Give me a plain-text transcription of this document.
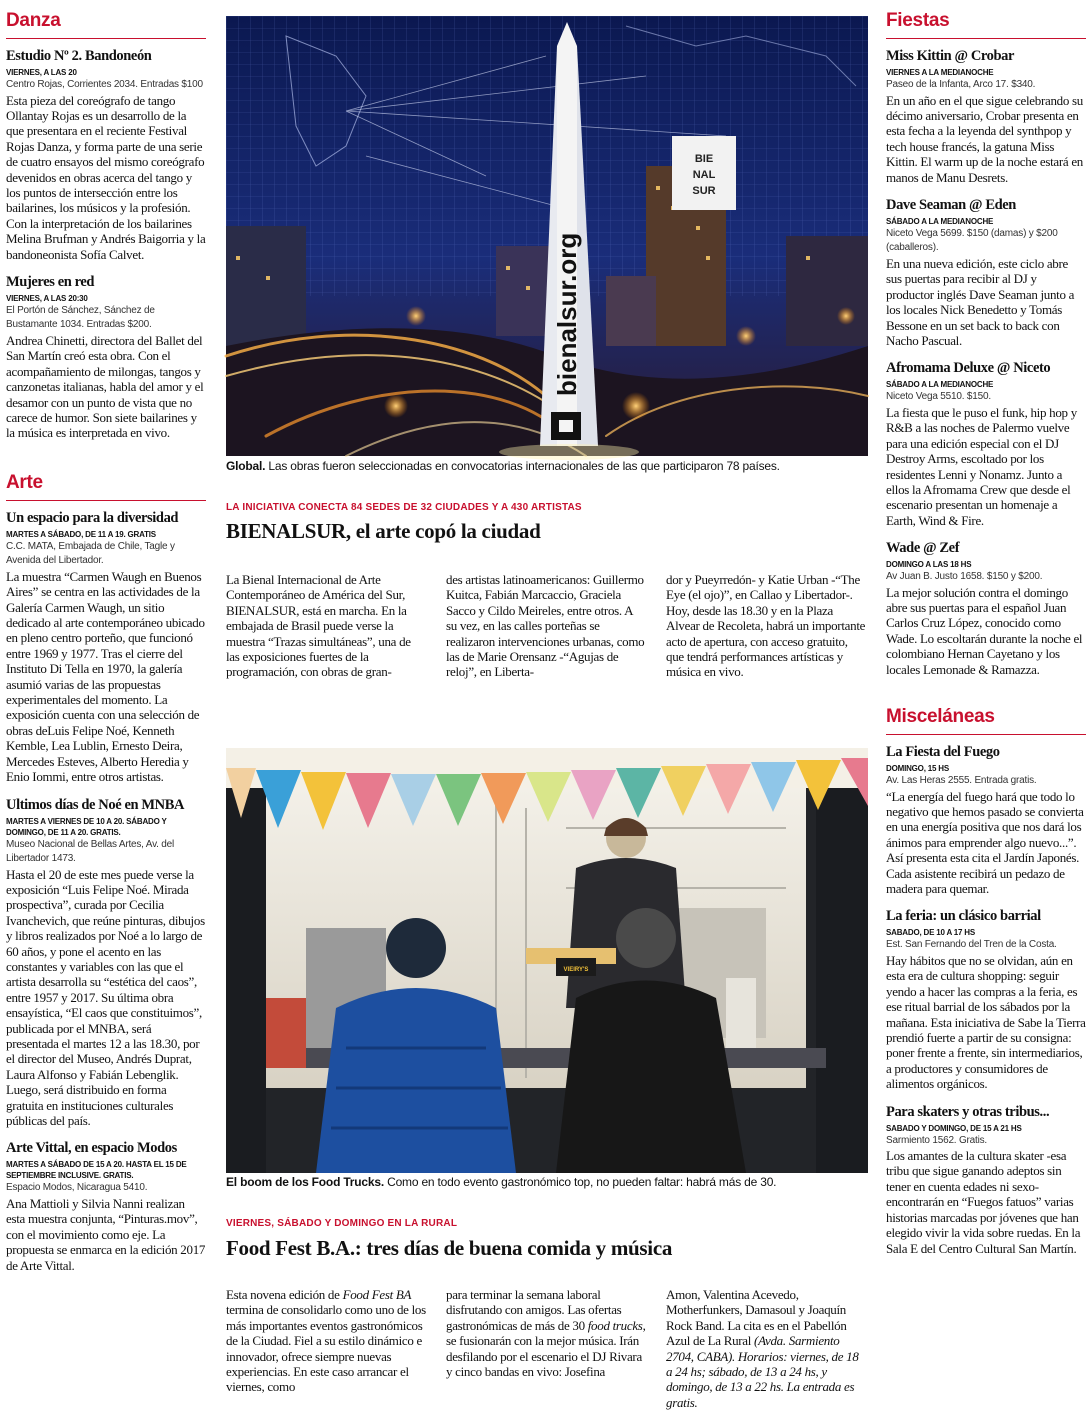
Danza
Estudio Nº 2. Bandoneón
VIERNES, A LAS 20
Centro Rojas, Corrientes 2034. Entradas $100
Esta pieza del coreógrafo de tango Ollantay Rojas es un desarrollo de la que presentara en el reciente Festival Rojas Danza, y forma parte de una serie de cuatro ensayos del mismo coreógrafo devenidos en obras acerca del tango y los puntos de intersección entre los bailarines, los músicos y la profesión. Con la interpretación de los bailarines Melina Brufman y Andrés Baigorria y la bandoneonista Sofía Calvet.
Mujeres en red
VIERNES, A LAS 20:30
El Portón de Sánchez, Sánchez de Bustamante 1034. Entradas $200.
Andrea Chinetti, directora del Ballet del San Martín creó esta obra. Con el acompañamiento de milongas, tangos y canzonetas italianas, habla del amor y el desamor con un punto de vista que no carece de humor. Son siete bailarines y la música es interpretada en vivo.
Arte
Un espacio para la diversidad
MARTES A SÁBADO, DE 11 A 19. GRATIS
C.C. MATA, Embajada de Chile, Tagle y Avenida del Libertador.
La muestra “Carmen Waugh en Buenos Aires” se centra en las actividades de la Galería Carmen Waugh, un sitio dedicado al arte contemporáneo ubicado en pleno centro porteño, que funcionó entre 1969 y 1977. Tras el cierre del Instituto Di Tella en 1970, la galería asumió varias de las propuestas experimentales del momento. La exposición cuenta con una selección de obras deLuis Felipe Noé, Kenneth Kemble, Lea Lublin, Ernesto Deira, Mercedes Esteves, Alberto Heredia y Enio Iommi, entre otros artistas.
Ultimos días de Noé en MNBA
MARTES A VIERNES DE 10 A 20. SÁBADO Y DOMINGO, DE 11 A 20. GRATIS.
Museo Nacional de Bellas Artes, Av. del Libertador 1473.
Hasta el 20 de este mes puede verse la exposición “Luis Felipe Noé. Mirada prospectiva”, curada por Cecilia Ivanchevich, que reúne pinturas, dibujos y libros realizados por Noé a lo largo de 60 años, y pone el acento en las constantes y variables con las que el artista desarrolla su “estética del caos”, entre 1957 y 2017. Su última obra ensayística, “El caos que constituimos”, publicada por el MNBA, será presentada el martes 12 a las 18.30, por el director del Museo, Andrés Duprat, Laura Alfonso y Fabián Lebenglik. Luego, será distribuido en forma gratuita en instituciones culturales públicas del país.
Arte Vittal, en espacio Modos
MARTES A SÁBADO DE 15 A 20. HASTA EL 15 DE SEPTIEMBRE INCLUSIVE. GRATIS.
Espacio Modos, Nicaragua 5410.
Ana Mattioli y Silvia Nanni realizan esta muestra conjunta, “Pinturas.mov”, con el movimiento como eje. La propuesta se enmarca en la edición 2017 de Arte Vittal.
Fiestas
Miss Kittin @ Crobar
VIERNES A LA MEDIANOCHE
Paseo de la Infanta, Arco 17. $340.
En un año en el que sigue celebrando su décimo aniversario, Crobar presenta en esta fecha a la leyenda del synthpop y tech house francés, la gatuna Miss Kittin. El warm up de la noche estará en manos de Manu Desrets.
Dave Seaman @ Eden
SÁBADO A LA MEDIANOCHE
Niceto Vega 5699. $150 (damas) y $200 (caballeros).
En una nueva edición, este ciclo abre sus puertas para recibir al DJ y productor inglés Dave Seaman junto a los locales Nick Benedetto y Tomás Bessone en un set back to back con Nacho Pascual.
Afromama Deluxe @ Niceto
SÁBADO A LA MEDIANOCHE
Niceto Vega 5510. $150.
La fiesta que le puso el funk, hip hop y R&B a las noches de Palermo vuelve para una edición especial con el DJ Destroy Arms, escoltado por los residentes Lenni y Nonamz. Junto a ellos la Afromama Crew que desde el escenario presentan un homenaje a Earth, Wind & Fire.
Wade @ Zef
DOMINGO A LAS 18 HS
Av Juan B. Justo 1658. $150 y $200.
La mejor solución contra el domingo abre sus puertas para el español Juan Carlos Cruz López, conocido como Wade. Lo escoltarán durante la noche el colombiano Hernan Cayetano y los locales Lemonade & Ramazza.
Misceláneas
La Fiesta del Fuego
DOMINGO, 15 HS
Av. Las Heras 2555. Entrada gratis.
“La energía del fuego hará que todo lo negativo que hemos pasado se convierta en una energía positiva que nos dará los ánimos para emprender algo nuevo...”. Así presenta esta cita el Jardín Japonés. Cada asistente recibirá un pedazo de madera para quemar.
La feria: un clásico barrial
SABADO, DE 10 A 17 HS
Est. San Fernando del Tren de la Costa.
Hay hábitos que no se olvidan, aún en esta era de cultura shopping: seguir yendo a hacer las compras a la feria, es ese ritual barrial de los sábados por la mañana. Esta iniciativa de Sabe la Tierra prendió fuerte a partir de su consigna: poner frente a frente, sin intermediarios, a productores y consumidores de alimentos orgánicos.
Para skaters y otras tribus...
SABADO Y DOMINGO, DE 15 A 21 HS
Sarmiento 1562. Gratis.
Los amantes de la cultura skater -esa tribu que sigue ganando adeptos sin tener en cuenta edades ni sexo- encontrarán en “Fuegos fatuos” varias historias marcadas por jóvenes que han elegido vivir la vida sobre ruedas. En la Sala E del Centro Cultural San Martín.
BIE
NAL
SUR
bienalsur.org
Global. Las obras fueron seleccionadas en convocatorias internacionales de las que participaron 78 países.
LA INICIATIVA CONECTA 84 SEDES DE 32 CIUDADES Y A 430 ARTISTAS
BIENALSUR, el arte copó la ciudad
La Bienal Internacional de Arte Contemporáneo de América del Sur, BIENALSUR, está en marcha. En la embajada de Brasil puede verse la muestra “Trazas simultáneas”, una de las exposiciones fuertes de la programación, con obras de gran-
des artistas latinoamericanos: Guillermo Kuitca, Fabián Marcaccio, Graciela Sacco y Cildo Meireles, entre otros. A su vez, en las calles porteñas se realizaron intervenciones urbanas, como las de Marie Orensanz -“Agujas de reloj”, en Liberta-
dor y Pueyrredón- y Katie Urban -“The Eye (el ojo)”, en Callao y Libertador-. Hoy, desde las 18.30 y en la Plaza Alvear de Recoleta, habrá un importante acto de apertura, con acceso gratuito, que tendrá performances artísticas y música en vivo.
VIEIRY'S
El boom de los Food Trucks. Como en todo evento gastronómico top, no pueden faltar: habrá más de 30.
VIERNES, SÁBADO Y DOMINGO EN LA RURAL
Food Fest B.A.: tres días de buena comida y música
Esta novena edición de Food Fest BA termina de consolidarlo como uno de los más importantes eventos gastronómicos de la Ciudad. Fiel a su estilo dinámico e innovador, ofrece siempre nuevas experiencias. En este caso arrancar el viernes, como
para terminar la semana laboral disfrutando con amigos. Las ofertas gastronómicas de más de 30 food trucks, se fusionarán con la mejor música. Irán desfilando por el escenario el DJ Rivara y cinco bandas en vivo: Josefina
Amon, Valentina Acevedo, Motherfunkers, Damasoul y Joaquín Rock Band. La cita es en el Pabellón Azul de La Rural (Avda. Sarmiento 2704, CABA). Horarios: viernes, de 18 a 24 hs; sábado, de 13 a 24 hs, y domingo, de 13 a 22 hs. La entrada es gratis.
